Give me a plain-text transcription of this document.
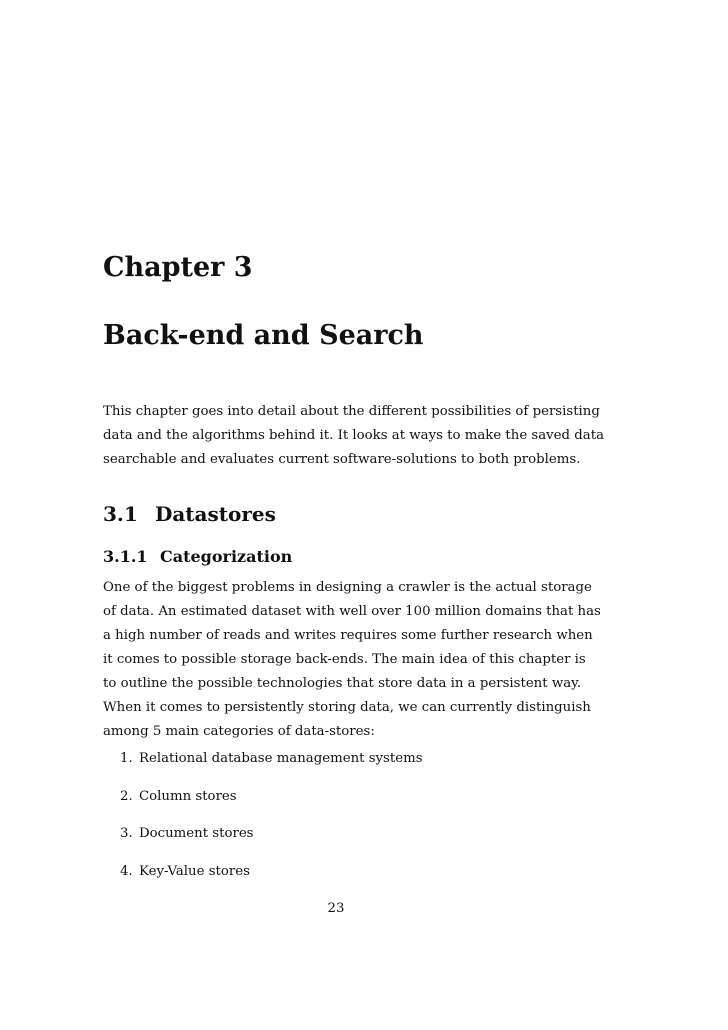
Chapter 3
Back-end and Search

This chapter goes into detail about the different possibilities of persisting
data and the algorithms behind it. It looks at ways to make the saved data
searchable and evaluates current software-solutions to both problems.

3.1 Datastores
3.1.1 Categorization

One of the biggest problems in designing a crawler is the actual storage
of data. An estimated dataset with well over 100 million domains that has
a high number of reads and writes requires some further research when
it comes to possible storage back-ends. The main idea of this chapter is
to outline the possible technologies that store data in a persistent way.
When it comes to persistently storing data, we can currently distinguish
among 5 main categories of data-stores:

1. Relational database management systems
2. Column stores
3. Document stores
4. Key-Value stores

23
